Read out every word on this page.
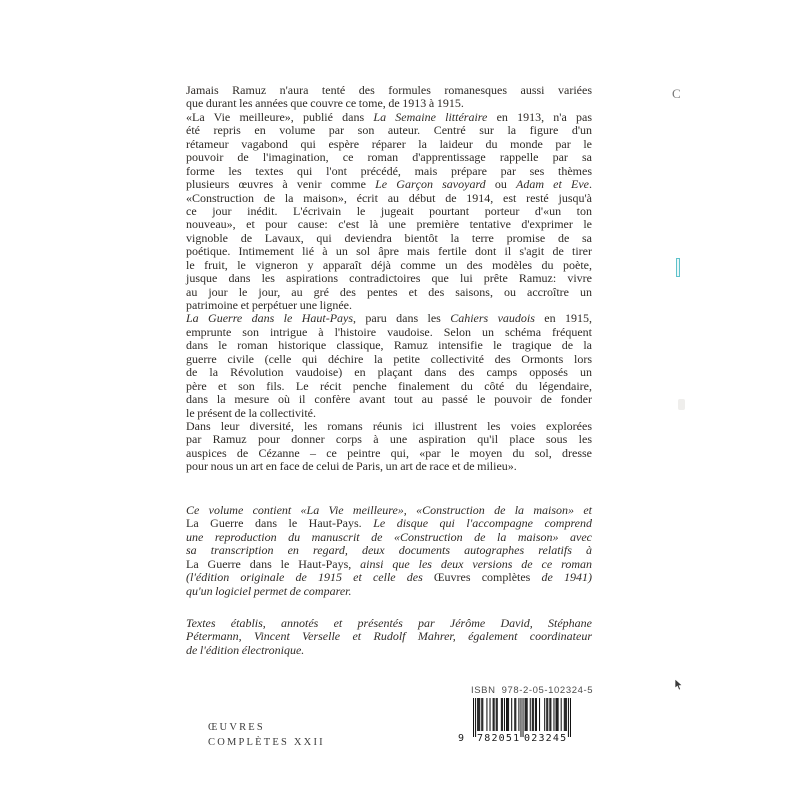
Jamais Ramuz n'aura tenté des formules romanesques aussi variées
que durant les années que couvre ce tome, de 1913 à 1915.
«La Vie meilleure», publié dans La Semaine littéraire en 1913, n'a pas
été repris en volume par son auteur. Centré sur la figure d'un
rétameur vagabond qui espère réparer la laideur du monde par le
pouvoir de l'imagination, ce roman d'apprentissage rappelle par sa
forme les textes qui l'ont précédé, mais prépare par ses thèmes
plusieurs œuvres à venir comme Le Garçon savoyard ou Adam et Eve.
«Construction de la maison», écrit au début de 1914, est resté jusqu'à
ce jour inédit. L'écrivain le jugeait pourtant porteur d'«un ton
nouveau», et pour cause: c'est là une première tentative d'exprimer le
vignoble de Lavaux, qui deviendra bientôt la terre promise de sa
poétique. Intimement lié à un sol âpre mais fertile dont il s'agit de tirer
le fruit, le vigneron y apparaît déjà comme un des modèles du poète,
jusque dans les aspirations contradictoires que lui prête Ramuz: vivre
au jour le jour, au gré des pentes et des saisons, ou accroître un
patrimoine et perpétuer une lignée.
La Guerre dans le Haut-Pays, paru dans les Cahiers vaudois en 1915,
emprunte son intrigue à l'histoire vaudoise. Selon un schéma fréquent
dans le roman historique classique, Ramuz intensifie le tragique de la
guerre civile (celle qui déchire la petite collectivité des Ormonts lors
de la Révolution vaudoise) en plaçant dans des camps opposés un
père et son fils. Le récit penche finalement du côté du légendaire,
dans la mesure où il confère avant tout au passé le pouvoir de fonder
le présent de la collectivité.
Dans leur diversité, les romans réunis ici illustrent les voies explorées
par Ramuz pour donner corps à une aspiration qu'il place sous les
auspices de Cézanne – ce peintre qui, «par le moyen du sol, dresse
pour nous un art en face de celui de Paris, un art de race et de milieu».
Ce volume contient «La Vie meilleure», «Construction de la maison» et
La Guerre dans le Haut-Pays. Le disque qui l'accompagne comprend
une reproduction du manuscrit de «Construction de la maison» avec
sa transcription en regard, deux documents autographes relatifs à
La Guerre dans le Haut-Pays, ainsi que les deux versions de ce roman
(l'édition originale de 1915 et celle des Œuvres complètes de 1941)
qu'un logiciel permet de comparer.
Textes établis, annotés et présentés par Jérôme David, Stéphane
Pétermann, Vincent Verselle et Rudolf Mahrer, également coordinateur
de l'édition électronique.
C
ŒUVRES
COMPLÈTES XXII
ISBN 978-2-05-102324-5
9 782051 023245
